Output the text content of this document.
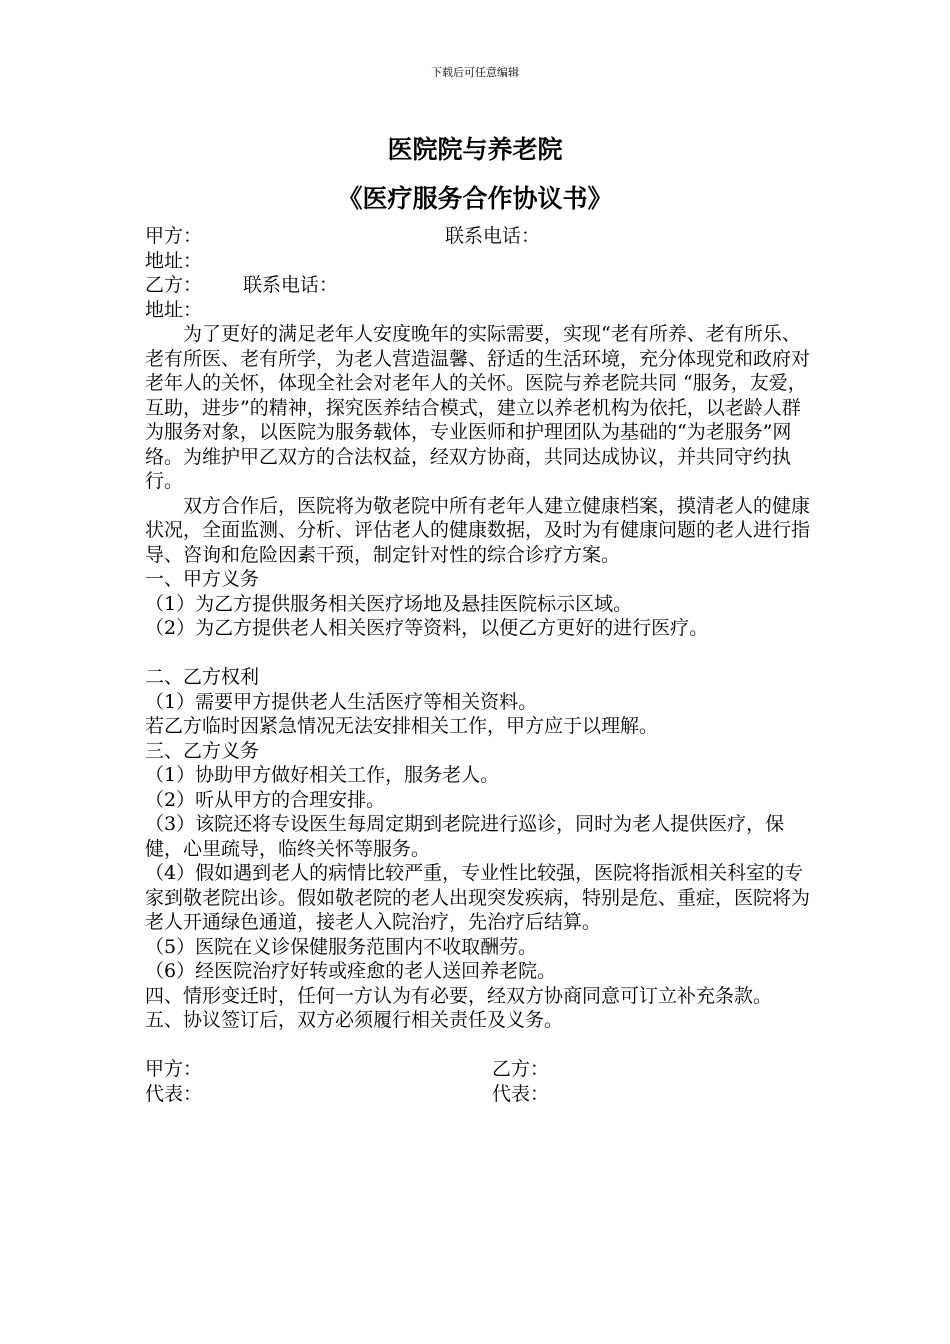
下载后可任意编辑
医院院与养老院
《医疗服务合作协议书》
甲方：	联系电话：

地址：

乙方： 联系电话：

地址：

为了更好的满足老年人安度晚年的实际需要，实现“老有所养、老有所乐、老有所医、老有所学，为老人营造温馨、舒适的生活环境，充分体现党和政府对老年人的关怀，体现全社会对老年人的关怀。医院与养老院共同 “服务，友爱，互助，进步”的精神，探究医养结合模式，建立以养老机构为依托，以老龄人群为服务对象，以医院为服务载体，专业医师和护理团队为基础的“为老服务”网络。为维护甲乙双方的合法权益，经双方协商，共同达成协议，并共同守约执行。

双方合作后，医院将为敬老院中所有老年人建立健康档案，摸清老人的健康状况，全面监测、分析、评估老人的健康数据，及时为有健康问题的老人进行指导、咨询和危险因素干预，制定针对性的综合诊疗方案。

一、甲方义务

（1）为乙方提供服务相关医疗场地及悬挂医院标示区域。

（2）为乙方提供老人相关医疗等资料，以便乙方更好的进行医疗。

二、乙方权利

（1）需要甲方提供老人生活医疗等相关资料。

若乙方临时因紧急情况无法安排相关工作，甲方应于以理解。

三、乙方义务

（1）协助甲方做好相关工作，服务老人。

（2）听从甲方的合理安排。

（3）该院还将专设医生每周定期到老院进行巡诊，同时为老人提供医疗，保健，心里疏导，临终关怀等服务。

（4）假如遇到老人的病情比较严重，专业性比较强，医院将指派相关科室的专家到敬老院出诊。假如敬老院的老人出现突发疾病，特别是危、重症，医院将为老人开通绿色通道，接老人入院治疗，先治疗后结算。

（5）医院在义诊保健服务范围内不收取酬劳。

（6）经医院治疗好转或痊愈的老人送回养老院。

四、情形变迁时，任何一方认为有必要，经双方协商同意可订立补充条款。

五、协议签订后，双方必须履行相关责任及义务。

甲方：	乙方：
代表：	代表：
